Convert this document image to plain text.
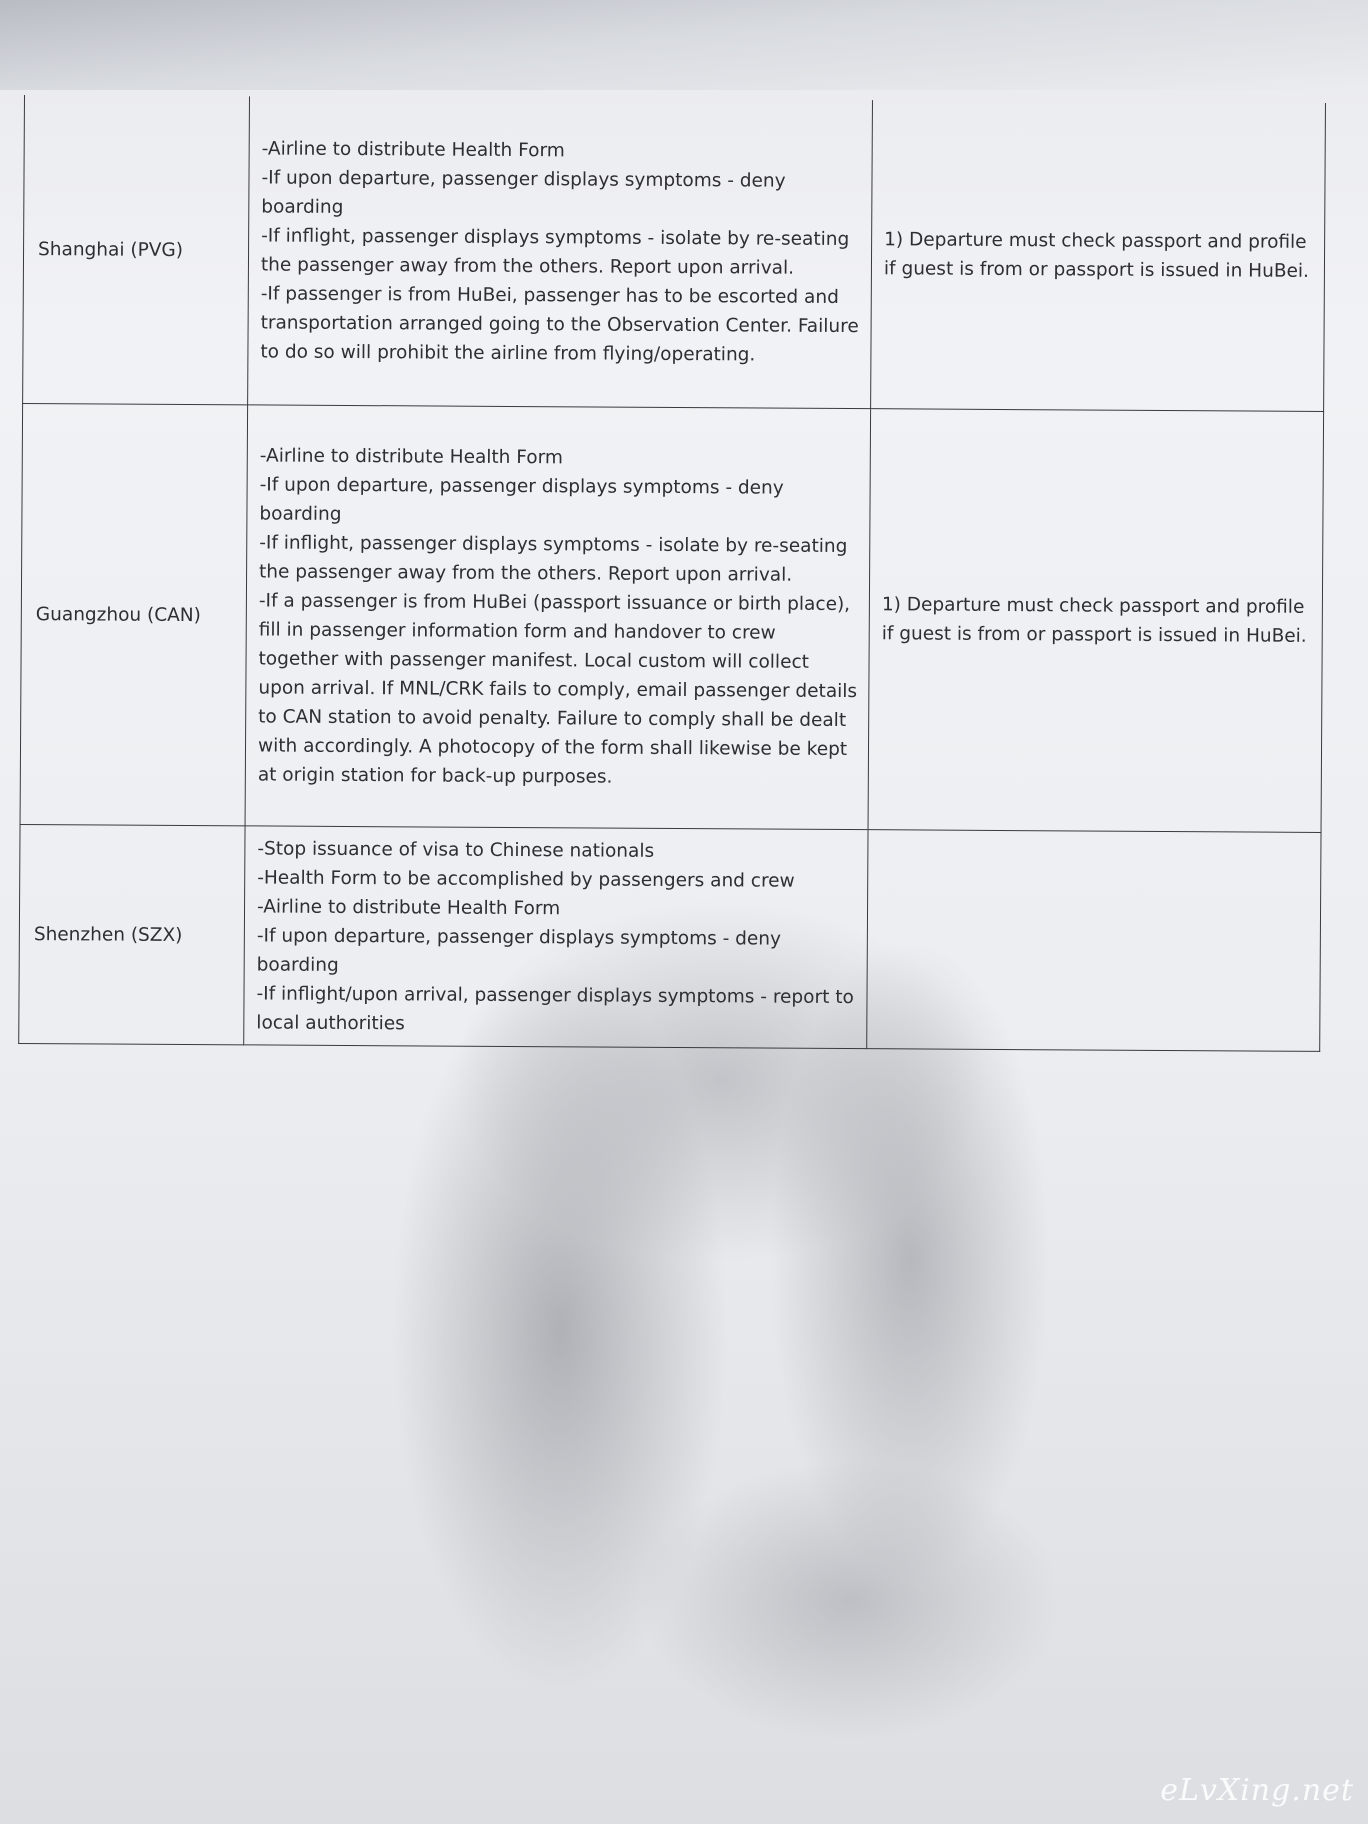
Shanghai (PVG)	-Airline to distribute Health Form
-If upon departure, passenger displays symptoms - deny boarding
-If inflight, passenger displays symptoms - isolate by re-seating the passenger away from the others. Report upon arrival.
-If passenger is from HuBei, passenger has to be escorted and transportation arranged going to the Observation Center. Failure to do so will prohibit the airline from flying/operating.	1) Departure must check passport and profile if guest is from or passport is issued in HuBei.
Guangzhou (CAN)	-Airline to distribute Health Form
-If upon departure, passenger displays symptoms - deny boarding
-If inflight, passenger displays symptoms - isolate by re-seating the passenger away from the others. Report upon arrival.
-If a passenger is from HuBei (passport issuance or birth place), fill in passenger information form and handover to crew together with passenger manifest. Local custom will collect upon arrival. If MNL/CRK fails to comply, email passenger details to CAN station to avoid penalty. Failure to comply shall be dealt with accordingly. A photocopy of the form shall likewise be kept at origin station for back-up purposes.	1) Departure must check passport and profile if guest is from or passport is issued in HuBei.
Shenzhen (SZX)	-Stop issuance of visa to Chinese nationals
-Health Form to be accomplished by passengers and crew
-Airline to distribute Health Form
-If upon departure, passenger displays symptoms - deny boarding
-If inflight/upon arrival, passenger displays symptoms - report to local authorities	

eLvXing.net
